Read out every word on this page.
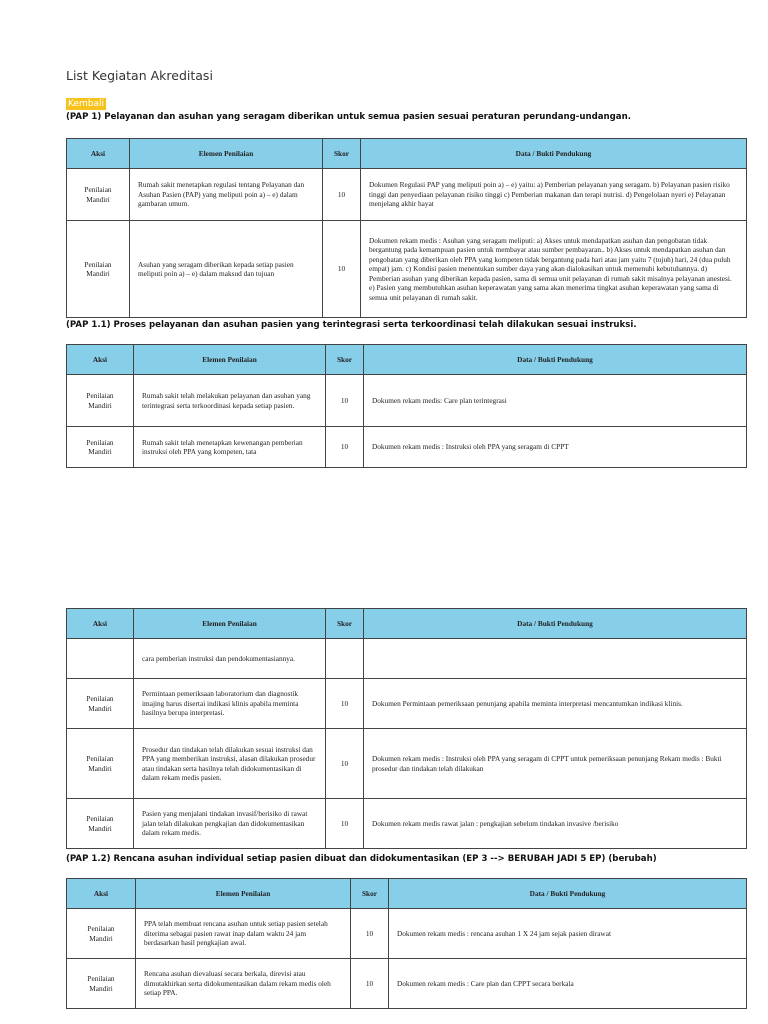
List Kegiatan Akreditasi
Kembali
(PAP 1) Pelayanan dan asuhan yang seragam diberikan untuk semua pasien sesuai peraturan perundang-undangan.
Aksi	Elemen Penilaian	Skor	Data / Bukti Pendukung
Penilaian Mandiri	Rumah sakit menetapkan regulasi tentang Pelayanan dan Asuhan Pasien (PAP) yang meliputi poin a) – e) dalam gambaran umum.	10	Dokumen Regulasi PAP yang meliputi poin a) – e) yaitu: a) Pemberian pelayanan yang seragam. b) Pelayanan pasien risiko tinggi dan penyediaan pelayanan risiko tinggi c) Pemberian makanan dan terapi nutrisi. d) Pengelolaan nyeri e) Pelayanan menjelang akhir hayat
Penilaian Mandiri	Asuhan yang seragam diberikan kepada setiap pasien meliputi poin a) – e) dalam maksud dan tujuan	10	Dokumen rekam medis : Asuhan yang seragam meliputi: a) Akses untuk mendapatkan asuhan dan pengobatan tidak bergantung pada kemampuan pasien untuk membayar atau sumber pembayaran.. b) Akses untuk mendapatkan asuhan dan pengobatan yang diberikan oleh PPA yang kompeten tidak bergantung pada hari atau jam yaitu 7 (tujuh) hari, 24 (dua puluh empat) jam. c) Kondisi pasien menentukan sumber daya yang akan dialokasikan untuk memenuhi kebutuhannya. d) Pemberian asuhan yang diberikan kepada pasien, sama di semua unit pelayanan di rumah sakit misalnya pelayanan anestesi. e) Pasien yang membutuhkan asuhan keperawatan yang sama akan menerima tingkat asuhan keperawatan yang sama di semua unit pelayanan di rumah sakit.
(PAP 1.1) Proses pelayanan dan asuhan pasien yang terintegrasi serta terkoordinasi telah dilakukan sesuai instruksi.
Aksi	Elemen Penilaian	Skor	Data / Bukti Pendukung
Penilaian Mandiri	Rumah sakit telah melakukan pelayanan dan asuhan yang terintegrasi serta terkoordinasi kepada setiap pasien.	10	Dokumen rekam medis: Care plan terintegrasi
Penilaian Mandiri	Rumah sakit telah menetapkan kewenangan pemberian instruksi oleh PPA yang kompeten, tata	10	Dokumen rekam medis : Instruksi oleh PPA yang seragam di CPPT
Aksi	Elemen Penilaian	Skor	Data / Bukti Pendukung
	cara pemberian instruksi dan pendokumentasiannya.		
Penilaian Mandiri	Permintaan pemeriksaan laboratorium dan diagnostik imajing harus disertai indikasi klinis apabila meminta hasilnya berupa interpretasi.	10	Dokumen Permintaan pemeriksaan penunjang apabila meminta interpretasi mencantumkan indikasi klinis.
Penilaian Mandiri	Prosedur dan tindakan telah dilakukan sesuai instruksi dan PPA yang memberikan instruksi, alasan dilakukan prosedur atau tindakan serta hasilnya telah didokumentasikan di dalam rekam medis pasien.	10	Dokumen rekam medis : Instruksi oleh PPA yang seragam di CPPT untuk pemeriksaan penunjang Rekam medis : Bukti prosedur dan tindakan telah dilakukan
Penilaian Mandiri	Pasien yang menjalani tindakan invasif/berisiko di rawat jalan telah dilakukan pengkajian dan didokumentasikan dalam rekam medis.	10	Dokumen rekam medis rawat jalan : pengkajian sebelum tindakan invasive /berisiko
(PAP 1.2) Rencana asuhan individual setiap pasien dibuat dan didokumentasikan (EP 3 --> BERUBAH JADI 5 EP) (berubah)
Aksi	Elemen Penilaian	Skor	Data / Bukti Pendukung
Penilaian Mandiri	PPA telah membuat rencana asuhan untuk setiap pasien setelah diterima sebagai pasien rawat inap dalam waktu 24 jam berdasarkan hasil pengkajian awal.	10	Dokumen rekam medis : rencana asuhan 1 X 24 jam sejak pasien dirawat
Penilaian Mandiri	Rencana asuhan dievaluasi secara berkala, direvisi atau dimutakhirkan serta didokumentasikan dalam rekam medis oleh setiap PPA.	10	Dokumen rekam medis : Care plan dan CPPT secara berkala
